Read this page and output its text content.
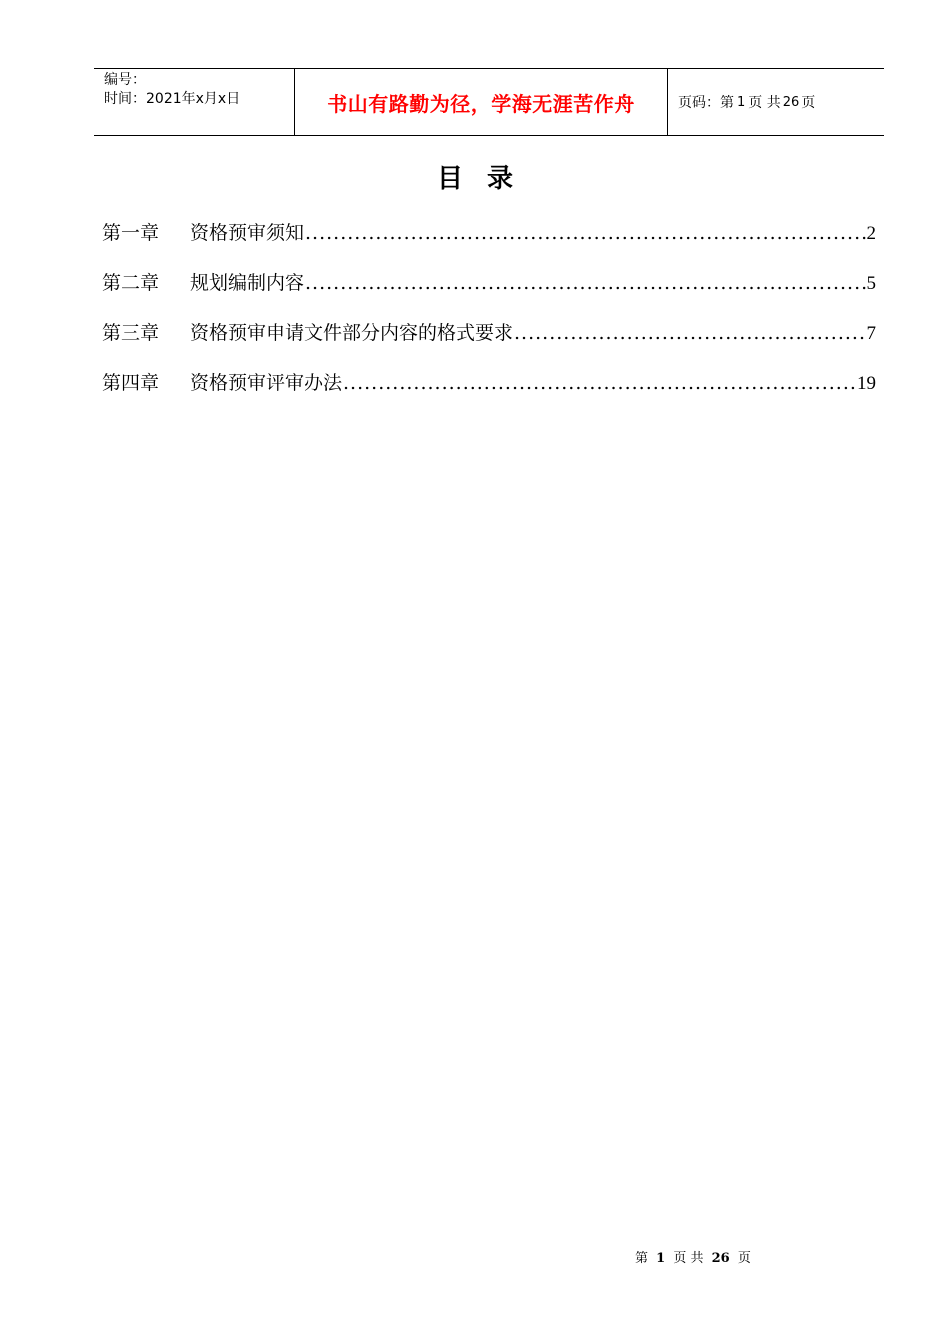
编号：
时间：2021年x月x日	书山有路勤为径，学海无涯苦作舟	页码：第 1 页 共 26 页
目录
第一章	资格预审须知 .....	2
第二章	规划编制内容 .....	5
第三章	资格预审申请文件部分内容的格式要求 .....	7
第四章	资格预审评审办法 .....	19
第 1 页 共 26 页
